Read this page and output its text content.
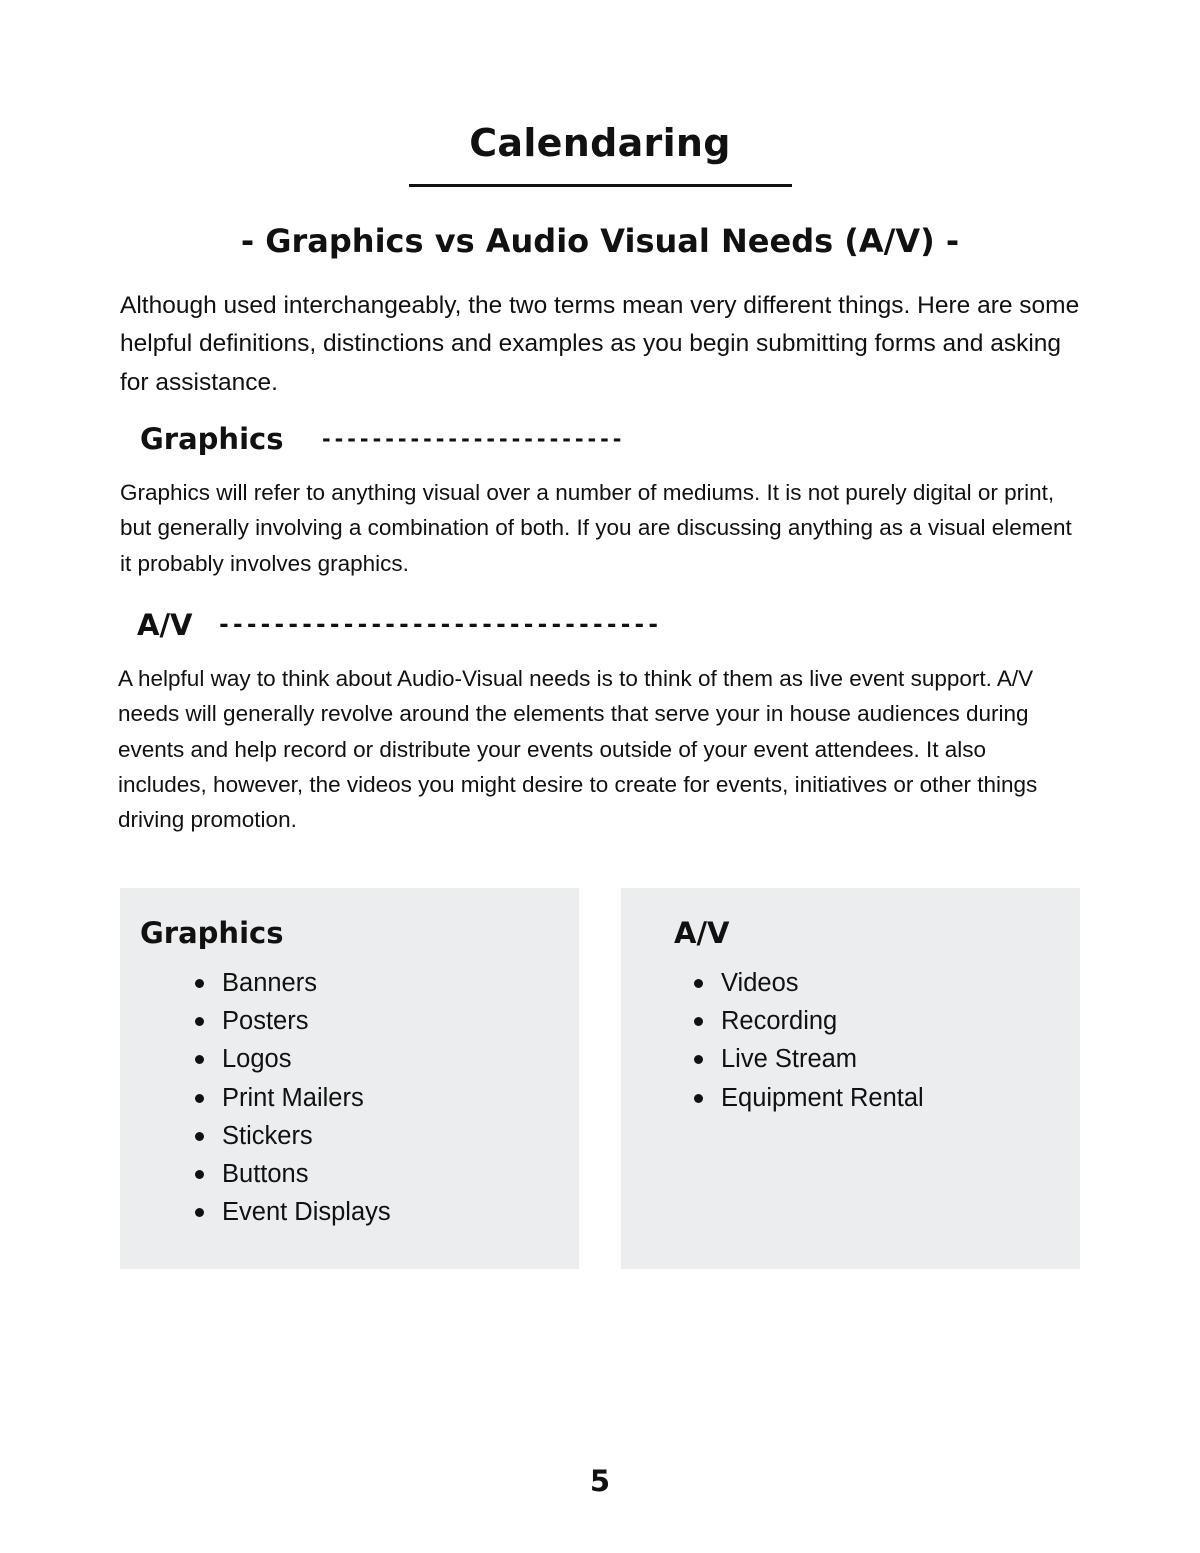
Calendaring
- Graphics vs Audio Visual Needs (A/V) -

Although used interchangeably, the two terms mean very different things. Here are some helpful definitions, distinctions and examples as you begin submitting forms and asking for assistance.

Graphics ------------------------

Graphics will refer to anything visual over a number of mediums. It is not purely digital or print, but generally involving a combination of both. If you are discussing anything as a visual element it probably involves graphics.

A/V --------------------------------

A helpful way to think about Audio-Visual needs is to think of them as live event support. A/V needs will generally revolve around the elements that serve your in house audiences during events and help record or distribute your events outside of your event attendees. It also includes, however, the videos you might desire to create for events, initiatives or other things driving promotion.

Graphics
Banners
Posters
Logos
Print Mailers
Stickers
Buttons
Event Displays
A/V
Videos
Recording
Live Stream
Equipment Rental
5
